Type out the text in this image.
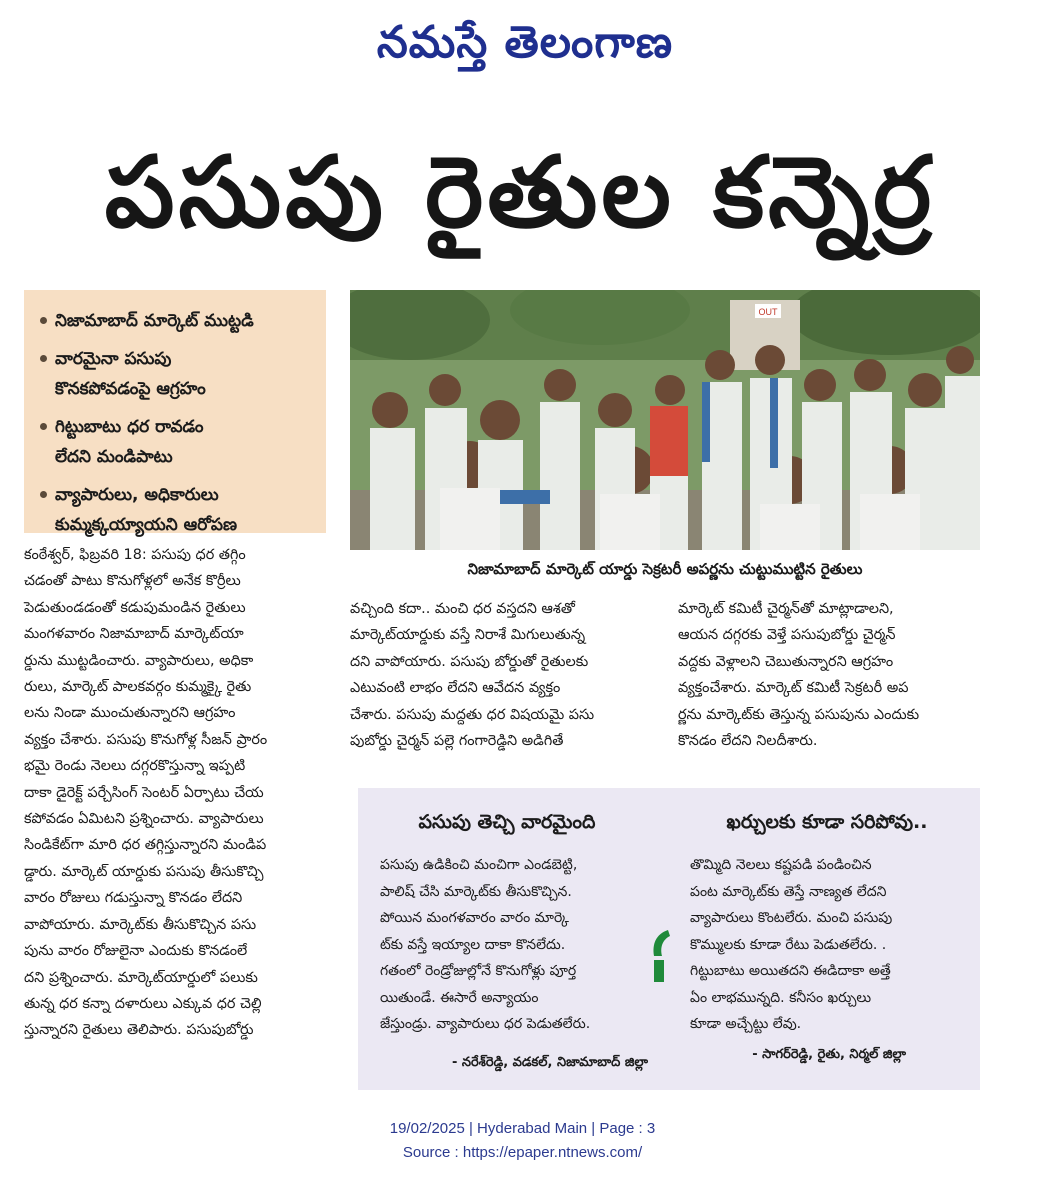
నమస్తే తెలంగాణ
పసుపు రైతుల కన్నెర్ర
నిజామాబాద్‌ మార్కెట్‌ ముట్టడి
వారమైనా పసుపు
కొనకపోవడంపై ఆగ్రహం
గిట్టుబాటు ధర రావడం
లేదని మండిపాటు
వ్యాపారులు, అధికారులు
కుమ్మక్కయ్యాయని ఆరోపణ
OUT
నిజామాబాద్‌ మార్కెట్‌ యార్డు సెక్రటరీ అపర్ణను చుట్టుముట్టిన రైతులు
కంఠేశ్వర్‌, ఫిబ్రవరి 18: పసుపు ధర తగ్గిం
చడంతో పాటు కొనుగోళ్లలో అనేక కొర్రీలు
పెడుతుండడంతో కడుపుమండిన రైతులు
మంగళవారం నిజామాబాద్‌ మార్కెట్‌యా
ర్డును ముట్టడించారు. వ్యాపారులు, అధికా
రులు, మార్కెట్‌ పాలకవర్గం కుమ్మక్కై రైతు
లను నిండా ముంచుతున్నారని ఆగ్రహం
వ్యక్తం చేశారు. పసుపు కొనుగోళ్ల సీజన్‌ ప్రారం
భమై రెండు నెలలు దగ్గరకొస్తున్నా ఇప్పటి
దాకా డైరెక్ట్‌ పర్చేసింగ్‌ సెంటర్‌ ఏర్పాటు చేయ
కపోవడం ఏమిటని ప్రశ్నించారు. వ్యాపారులు
సిండికేట్‌గా మారి ధర తగ్గిస్తున్నారని మండిప
డ్డారు. మార్కెట్‌ యార్డుకు పసుపు తీసుకొచ్చి
వారం రోజులు గడుస్తున్నా కొనడం లేదని
వాపోయారు. మార్కెట్‌కు తీసుకొచ్చిన పసు
పును వారం రోజులైనా ఎందుకు కొనడంలే
దని ప్రశ్నించారు. మార్కెట్‌యార్డులో పలుకు
తున్న ధర కన్నా దళారులు ఎక్కువ ధర చెల్లి
స్తున్నారని రైతులు తెలిపారు. పసుపుబోర్డు
వచ్చింది కదా.. మంచి ధర వస్తదని ఆశతో
మార్కెట్‌యార్డుకు వస్తే నిరాశే మిగులుతున్న
దని వాపోయారు. పసుపు బోర్డుతో రైతులకు
ఎటువంటి లాభం లేదని ఆవేదన వ్యక్తం
చేశారు. పసుపు మద్దతు ధర విషయమై పసు
పుబోర్డు చైర్మన్‌ పల్లె గంగారెడ్డిని అడిగితే
మార్కెట్‌ కమిటీ చైర్మన్‌తో మాట్లాడాలని,
ఆయన దగ్గరకు వెళ్తే పసుపుబోర్డు చైర్మన్‌
వద్దకు వెళ్లాలని చెబుతున్నారని ఆగ్రహం
వ్యక్తంచేశారు. మార్కెట్‌ కమిటీ సెక్రటరీ అప
ర్ణను మార్కెట్‌కు తెస్తున్న పసుపును ఎందుకు
కొనడం లేదని నిలదీశారు.
పసుపు తెచ్చి వారమైంది
పసుపు ఉడికించి మంచిగా ఎండబెట్టి,
పాలిష్‌ చేసి మార్కెట్‌కు తీసుకొచ్చిన.
పోయిన మంగళవారం వారం మార్కె
ట్‌కు వస్తే ఇయ్యాల దాకా కొనలేదు.
గతంలో రెండ్రోజుల్లోనే కొనుగోళ్లు పూర్త
యితుండే. ఈసారే అన్యాయం
జేస్తుండ్రు. వ్యాపారులు ధర పెడుతలేరు.
- నరేశ్‌రెడ్డి, వడకల్‌, నిజామాబాద్‌ జిల్లా
ఖర్చులకు కూడా సరిపోవు..
తొమ్మిది నెలలు కష్టపడి పండించిన
పంట మార్కెట్‌కు తెస్తే నాణ్యత లేదని
వ్యాపారులు కొంటలేరు. మంచి పసుపు
కొమ్ములకు కూడా రేటు పెడుతలేరు. .
గిట్టుబాటు అయితదని ఈడిదాకా అత్తే
ఏం లాభమున్నది. కనీసం ఖర్చులు
కూడా అచ్చేట్టు లేవు.
- సాగర్‌రెడ్డి, రైతు, నిర్మల్‌ జిల్లా
19/02/2025 | Hyderabad Main | Page : 3
Source : https://epaper.ntnews.com/
